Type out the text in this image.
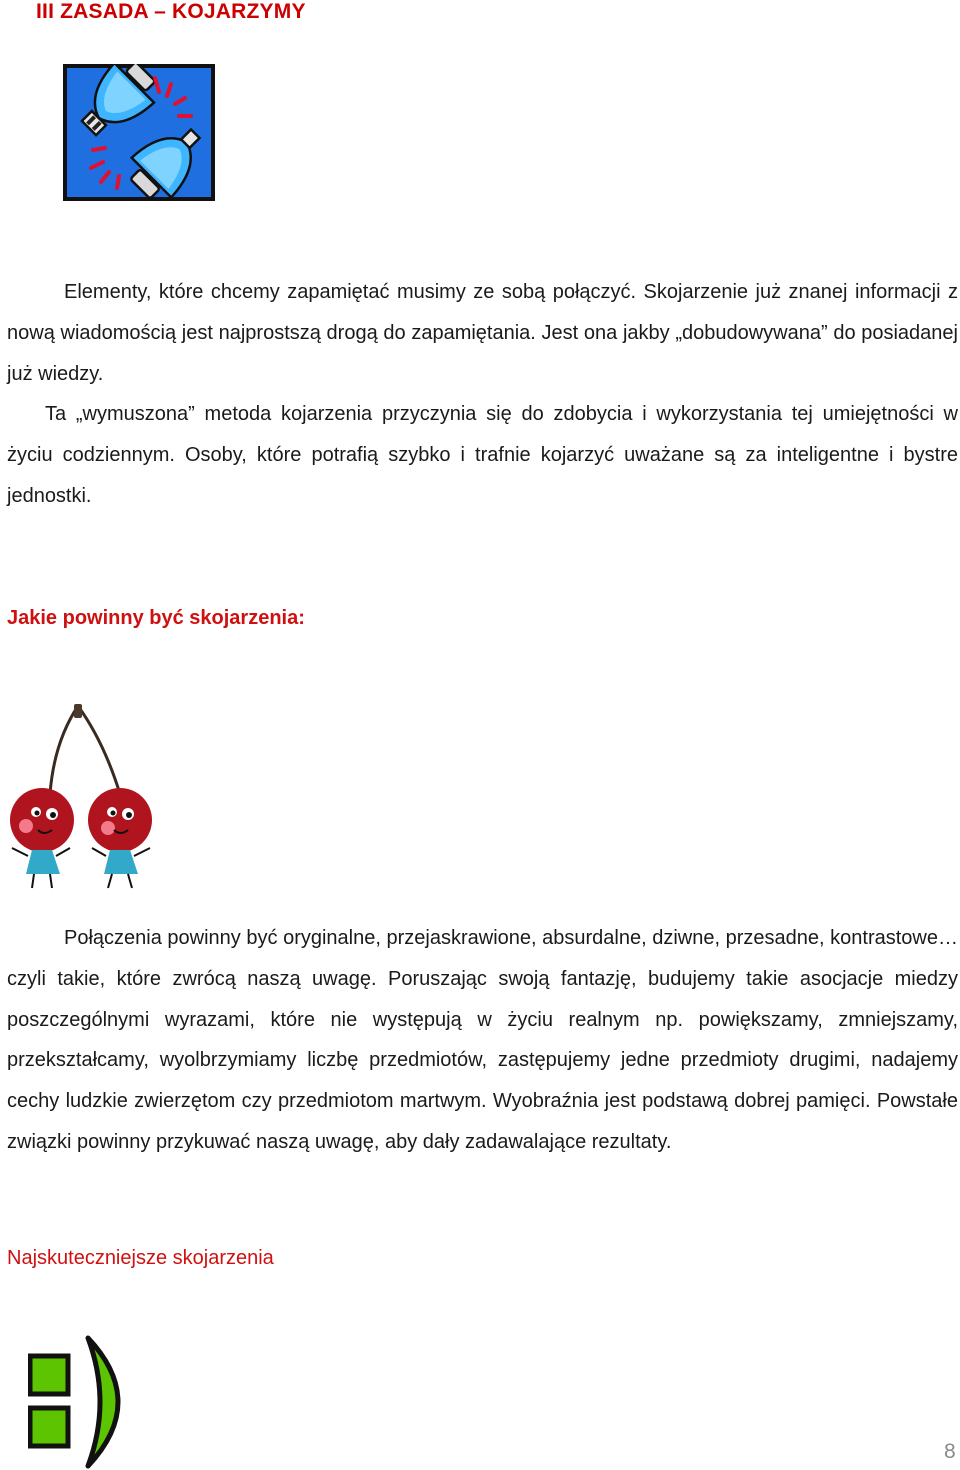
III ZASADA – KOJARZYMY

Elementy, które chcemy zapamiętać musimy ze sobą połączyć. Skojarzenie już znanej informacji z nową wiadomością jest najprostszą drogą do zapamiętania. Jest ona jakby „dobudowywana” do posiadanej już wiedzy.

Ta „wymuszona” metoda kojarzenia przyczynia się do zdobycia i wykorzystania tej umiejętności w życiu codziennym. Osoby, które potrafią szybko i trafnie kojarzyć uważane są za inteligentne i bystre jednostki.

Jakie powinny być skojarzenia:

Połączenia powinny być oryginalne, przejaskrawione, absurdalne, dziwne, przesadne, kontrastowe… czyli takie, które zwrócą naszą uwagę. Poruszając swoją fantazję, budujemy takie asocjacje miedzy poszczególnymi wyrazami, które nie występują w życiu realnym np. powiększamy, zmniejszamy, przekształcamy, wyolbrzymiamy liczbę przedmiotów, zastępujemy jedne przedmioty drugimi, nadajemy cechy ludzkie zwierzętom czy przedmiotom martwym. Wyobraźnia jest podstawą dobrej pamięci. Powstałe związki powinny przykuwać naszą uwagę, aby dały zadawalające rezultaty.

Najskuteczniejsze skojarzenia
8
